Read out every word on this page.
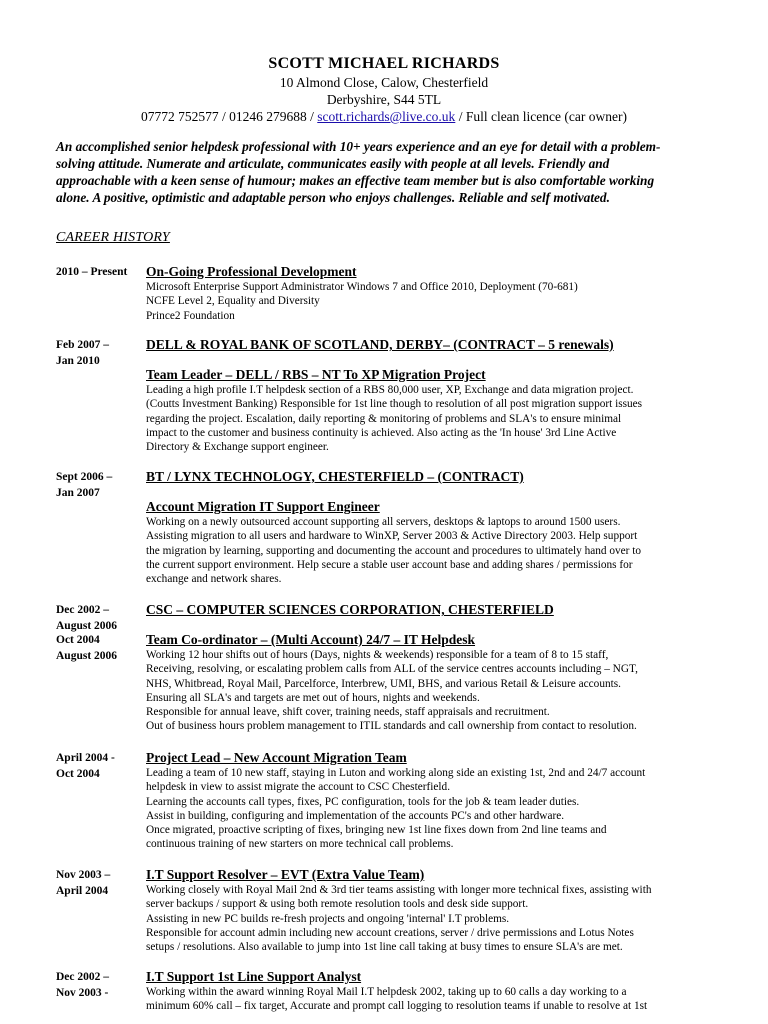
SCOTT MICHAEL RICHARDS
10 Almond Close, Calow, Chesterfield
Derbyshire, S44 5TL
07772 752577 / 01246 279688 / scott.richards@live.co.uk / Full clean licence (car owner)
An accomplished senior helpdesk professional with 10+ years experience and an eye for detail with a problem-
solving attitude. Numerate and articulate, communicates easily with people at all levels. Friendly and
approachable with a keen sense of humour; makes an effective team member but is also comfortable working
alone. A positive, optimistic and adaptable person who enjoys challenges. Reliable and self motivated.
CAREER HISTORY
2010 – Present	On-Going Professional Development
Microsoft Enterprise Support Administrator Windows 7 and Office 2010, Deployment (70-681)
NCFE Level 2, Equality and Diversity
Prince2 Foundation
Feb 2007 –
Jan 2010
DELL & ROYAL BANK OF SCOTLAND, DERBY– (CONTRACT – 5 renewals)
Team Leader – DELL / RBS – NT To XP Migration Project
Leading a high profile I.T helpdesk section of a RBS 80,000 user, XP, Exchange and data migration project.
(Coutts Investment Banking) Responsible for 1st line though to resolution of all post migration support issues
regarding the project. Escalation, daily reporting & monitoring of problems and SLA's to ensure minimal
impact to the customer and business continuity is achieved. Also acting as the 'In house' 3rd Line Active
Directory & Exchange support engineer.
Sept 2006 –
Jan 2007
BT / LYNX TECHNOLOGY, CHESTERFIELD – (CONTRACT)
Account Migration IT Support Engineer
Working on a newly outsourced account supporting all servers, desktops & laptops to around 1500 users.
Assisting migration to all users and hardware to WinXP, Server 2003 & Active Directory 2003. Help support
the migration by learning, supporting and documenting the account and procedures to ultimately hand over to
the current support environment. Help secure a stable user account base and adding shares / permissions for
exchange and network shares.
Dec 2002 –
August 2006
CSC – COMPUTER SCIENCES CORPORATION, CHESTERFIELD
Oct 2004
August 2006
Team Co-ordinator – (Multi Account) 24/7 – IT Helpdesk
Working 12 hour shifts out of hours (Days, nights & weekends) responsible for a team of 8 to 15 staff,
Receiving, resolving, or escalating problem calls from ALL of the service centres accounts including – NGT,
NHS, Whitbread, Royal Mail, Parcelforce, Interbrew, UMI, BHS, and various Retail & Leisure accounts.
Ensuring all SLA's and targets are met out of hours, nights and weekends.
Responsible for annual leave, shift cover, training needs, staff appraisals and recruitment.
Out of business hours problem management to ITIL standards and call ownership from contact to resolution.
April 2004 -
Oct 2004
Project Lead – New Account Migration Team
Leading a team of 10 new staff, staying in Luton and working along side an existing 1st, 2nd and 24/7 account
helpdesk in view to assist migrate the account to CSC Chesterfield.
Learning the accounts call types, fixes, PC configuration, tools for the job & team leader duties.
Assist in building, configuring and implementation of the accounts PC's and other hardware.
Once migrated, proactive scripting of fixes, bringing new 1st line fixes down from 2nd line teams and
continuous training of new starters on more technical call problems.
Nov 2003 –
April 2004
I.T Support Resolver – EVT (Extra Value Team)
Working closely with Royal Mail 2nd & 3rd tier teams assisting with longer more technical fixes, assisting with
server backups / support & using both remote resolution tools and desk side support.
Assisting in new PC builds re-fresh projects and ongoing 'internal' I.T problems.
Responsible for account admin including new account creations, server / drive permissions and Lotus Notes
setups / resolutions. Also available to jump into 1st line call taking at busy times to ensure SLA's are met.
Dec 2002 –
Nov 2003 -
I.T Support 1st Line Support Analyst
Working within the award winning Royal Mail I.T helpdesk 2002, taking up to 60 calls a day working to a
minimum 60% call – fix target, Accurate and prompt call logging to resolution teams if unable to resolve at 1st
